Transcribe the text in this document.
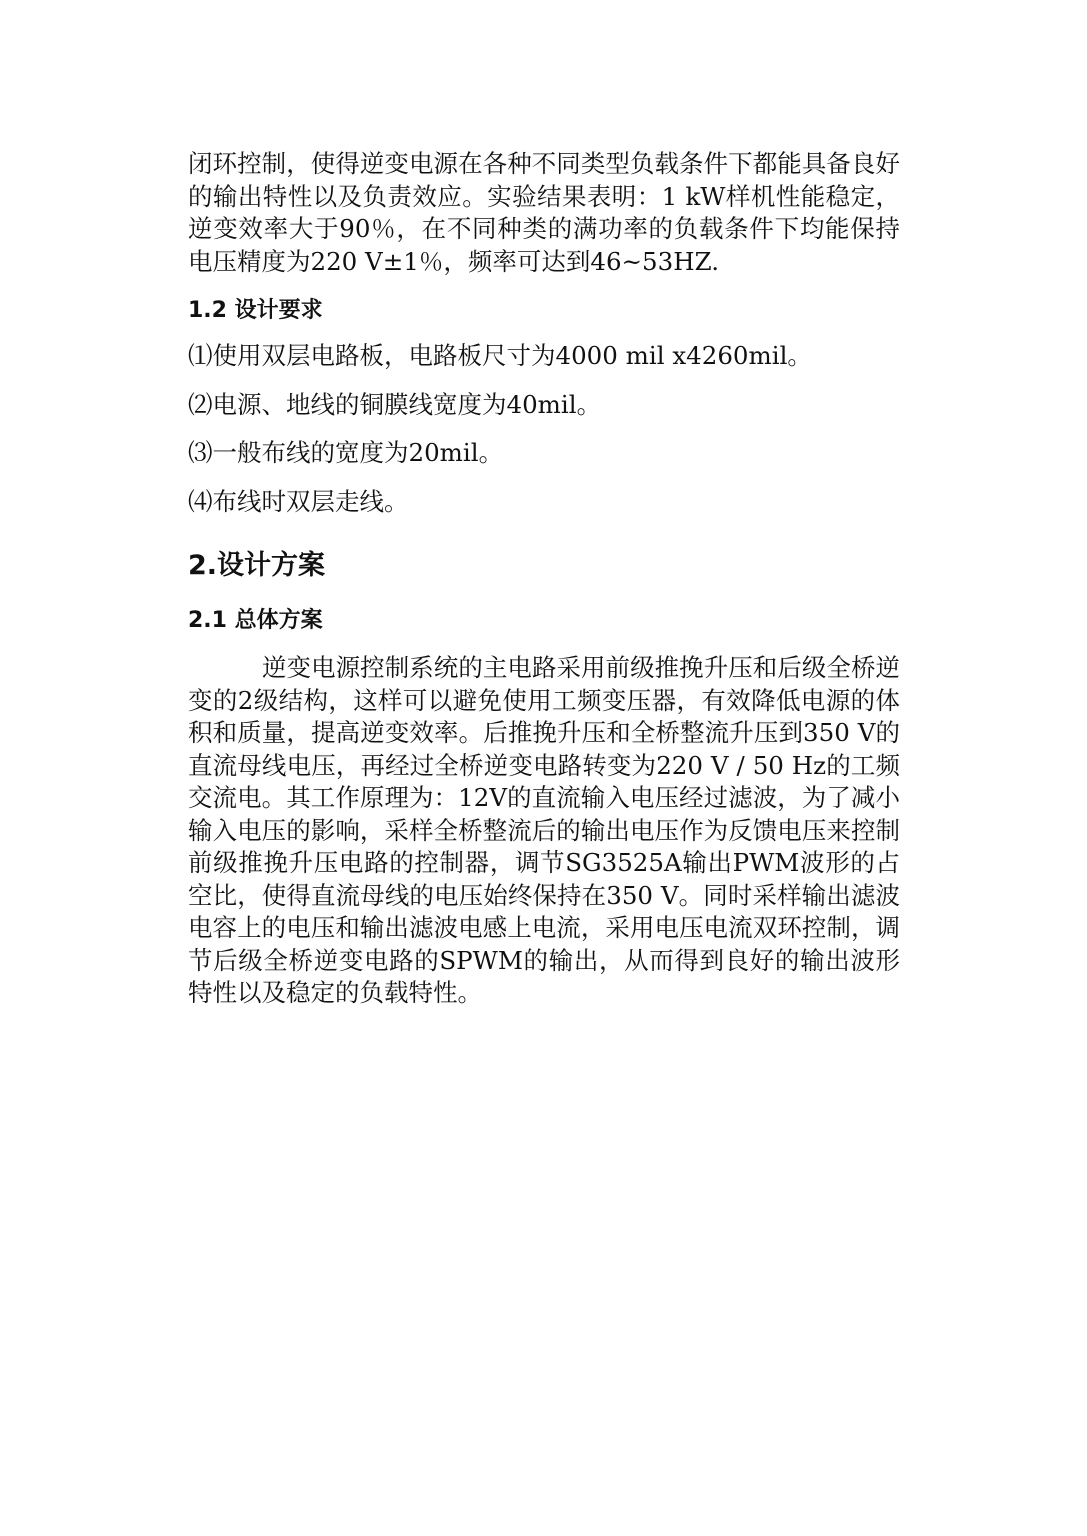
闭环控制，使得逆变电源在各种不同类型负载条件下都能具备良好的输出特性以及负责效应。实验结果表明：1 kW样机性能稳定，逆变效率大于90％，在不同种类的满功率的负载条件下均能保持电压精度为220 V±1％，频率可达到46~53HZ.

1.2 设计要求

⑴使用双层电路板，电路板尺寸为4000 mil x4260mil。

⑵电源、地线的铜膜线宽度为40mil。

⑶一般布线的宽度为20mil。

⑷布线时双层走线。

2.设计方案
2.1 总体方案

逆变电源控制系统的主电路采用前级推挽升压和后级全桥逆变的2级结构，这样可以避免使用工频变压器，有效降低电源的体积和质量，提高逆变效率。后推挽升压和全桥整流升压到350 V的直流母线电压，再经过全桥逆变电路转变为220 V / 50 Hz的工频交流电。其工作原理为：12V的直流输入电压经过滤波，为了减小输入电压的影响，采样全桥整流后的输出电压作为反馈电压来控制前级推挽升压电路的控制器，调节SG3525A输出PWM波形的占空比，使得直流母线的电压始终保持在350 V。同时采样输出滤波电容上的电压和输出滤波电感上电流，采用电压电流双环控制，调节后级全桥逆变电路的SPWM的输出，从而得到良好的输出波形特性以及稳定的负载特性。
